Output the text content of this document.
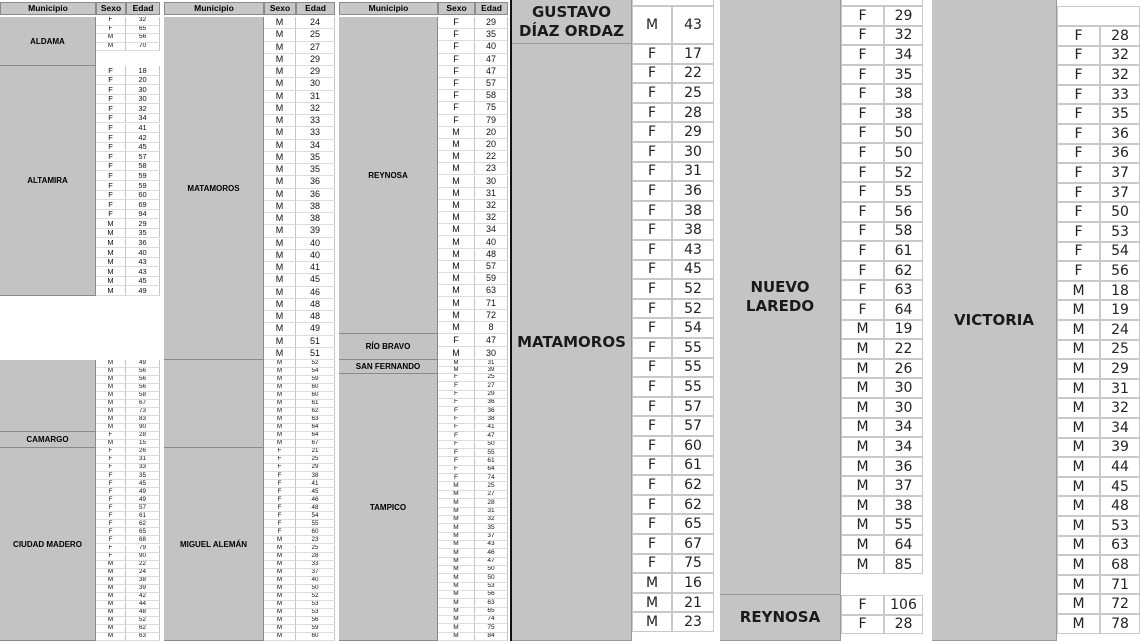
Municipio	Sexo	Edad
ALDAMA
F	32
F	65
M	56
M	70
ALTAMIRA
F	18
F	20
F	30
F	30
F	32
F	34
F	41
F	42
F	45
F	57
F	58
F	59
F	59
F	60
F	69
F	94
M	29
M	35
M	36
M	40
M	43
M	43
M	45
M	49
M	49
M	56
M	56
M	56
M	58
M	67
M	73
M	83
M	90
CAMARGO
F	28
M	15
CIUDAD MADERO
F	26
F	31
F	33
F	35
F	45
F	49
F	49
F	57
F	61
F	62
F	65
F	68
F	79
F	90
M	22
M	24
M	38
M	39
M	42
M	44
M	48
M	52
M	62
M	63
Municipio	Sexo	Edad
MATAMOROS
M	24
M	25
M	27
M	29
M	29
M	30
M	31
M	32
M	33
M	33
M	34
M	35
M	35
M	36
M	36
M	38
M	38
M	39
M	40
M	40
M	41
M	45
M	46
M	48
M	48
M	49
M	51
M	51
M	52
M	54
M	59
M	60
M	60
M	61
M	62
M	63
M	64
M	64
M	67
MIGUEL ALEMÁN
F	21
F	25
F	29
F	38
F	41
F	45
F	46
F	48
F	54
F	55
F	60
M	23
M	25
M	28
M	33
M	37
M	40
M	50
M	52
M	53
M	53
M	56
M	59
M	60
Municipio	Sexo	Edad
REYNOSA
F	29
F	35
F	40
F	47
F	47
F	57
F	58
F	75
F	79
M	20
M	20
M	22
M	23
M	30
M	31
M	32
M	32
M	34
M	40
M	48
M	57
M	59
M	63
M	71
M	72
M	8
RÍO BRAVO
F	47
M	30
SAN FERNANDO	M	31
M	39
TAMPICO
F	25
F	27
F	29
F	36
F	36
F	38
F	41
F	47
F	50
F	55
F	61
F	64
F	74
M	25
M	27
M	28
M	31
M	32
M	35
M	37
M	43
M	46
M	47
M	50
M	50
M	53
M	56
M	63
M	65
M	74
M	75
M	84
GUSTAVO DÍAZ ORDAZ	M	43
MATAMOROS
F	17
F	22
F	25
F	28
F	29
F	30
F	31
F	36
F	38
F	38
F	43
F	45
F	52
F	52
F	54
F	55
F	55
F	55
F	57
F	57
F	60
F	61
F	62
F	62
F	65
F	67
F	75
M	16
M	21
M	23
NUEVO LAREDO
F	29
F	32
F	34
F	35
F	38
F	38
F	50
F	50
F	52
F	55
F	56
F	58
F	61
F	62
F	63
F	64
M	19
M	22
M	26
M	30
M	30
M	34
M	34
M	36
M	37
M	38
M	55
M	64
M	85
REYNOSA
F	106
F	28
VICTORIA
F	28
F	32
F	32
F	33
F	35
F	36
F	36
F	37
F	37
F	50
F	53
F	54
F	56
M	18
M	19
M	24
M	25
M	29
M	31
M	32
M	34
M	39
M	44
M	45
M	48
M	53
M	63
M	68
M	71
M	72
M	78
